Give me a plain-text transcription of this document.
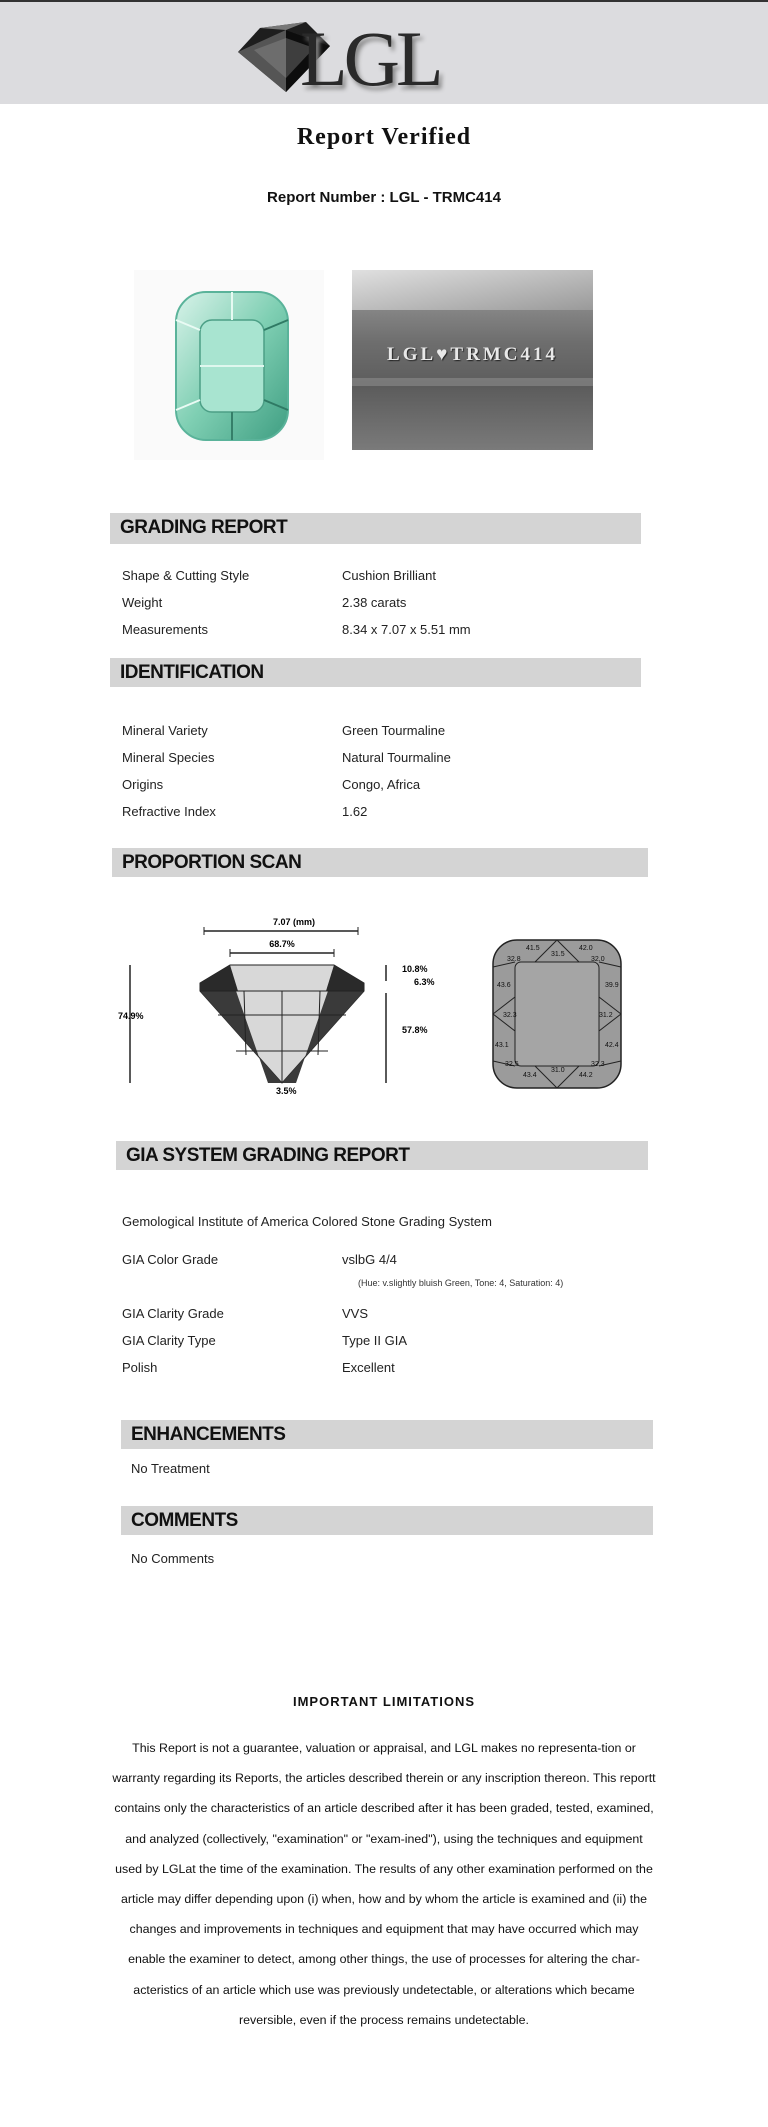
LGL
Report Verified
Report Number : LGL - TRMC414
LGL♥TRMC414
GRADING REPORT
Shape & Cutting Style	Cushion Brilliant
Weight	2.38 carats
Measurements	8.34 x 7.07 x 5.51 mm
IDENTIFICATION
Mineral Variety	Green Tourmaline
Mineral Species	Natural Tourmaline
Origins	Congo, Africa
Refractive Index	1.62
PROPORTION SCAN
7.07 (mm)
68.7%
74.9%
10.8%
6.3%
57.8%
3.5%
41.5
31.5
42.0
32.8	32.0
43.6	39.9
32.3	31.2
43.1	42.4
32.5	32.3
43.4
31.0
44.2
GIA SYSTEM GRADING REPORT
Gemological Institute of America Colored Stone Grading System
GIA Color Grade	vslbG 4/4
(Hue: v.slightly bluish Green, Tone: 4, Saturation: 4)
GIA Clarity Grade	VVS
GIA Clarity Type	Type II GIA
Polish	Excellent
ENHANCEMENTS
No Treatment
COMMENTS
No Comments
IMPORTANT LIMITATIONS
This Report is not a guarantee, valuation or appraisal, and LGL makes no representa-tion or warranty regarding its Reports, the articles described therein or any inscription thereon. This reportt contains only the characteristics of an article described after it has been graded, tested, examined, and analyzed (collectively, "examination" or "exam-ined"), using the techniques and equipment used by LGLat the time of the examination. The results of any other examination performed on the article may differ depending upon (i) when, how and by whom the article is examined and (ii) the changes and improvements in techniques and equipment that may have occurred which may enable the examiner to detect, among other things, the use of processes for altering the char-acteristics of an article which use was previously undetectable, or alterations which became reversible, even if the process remains undetectable.
